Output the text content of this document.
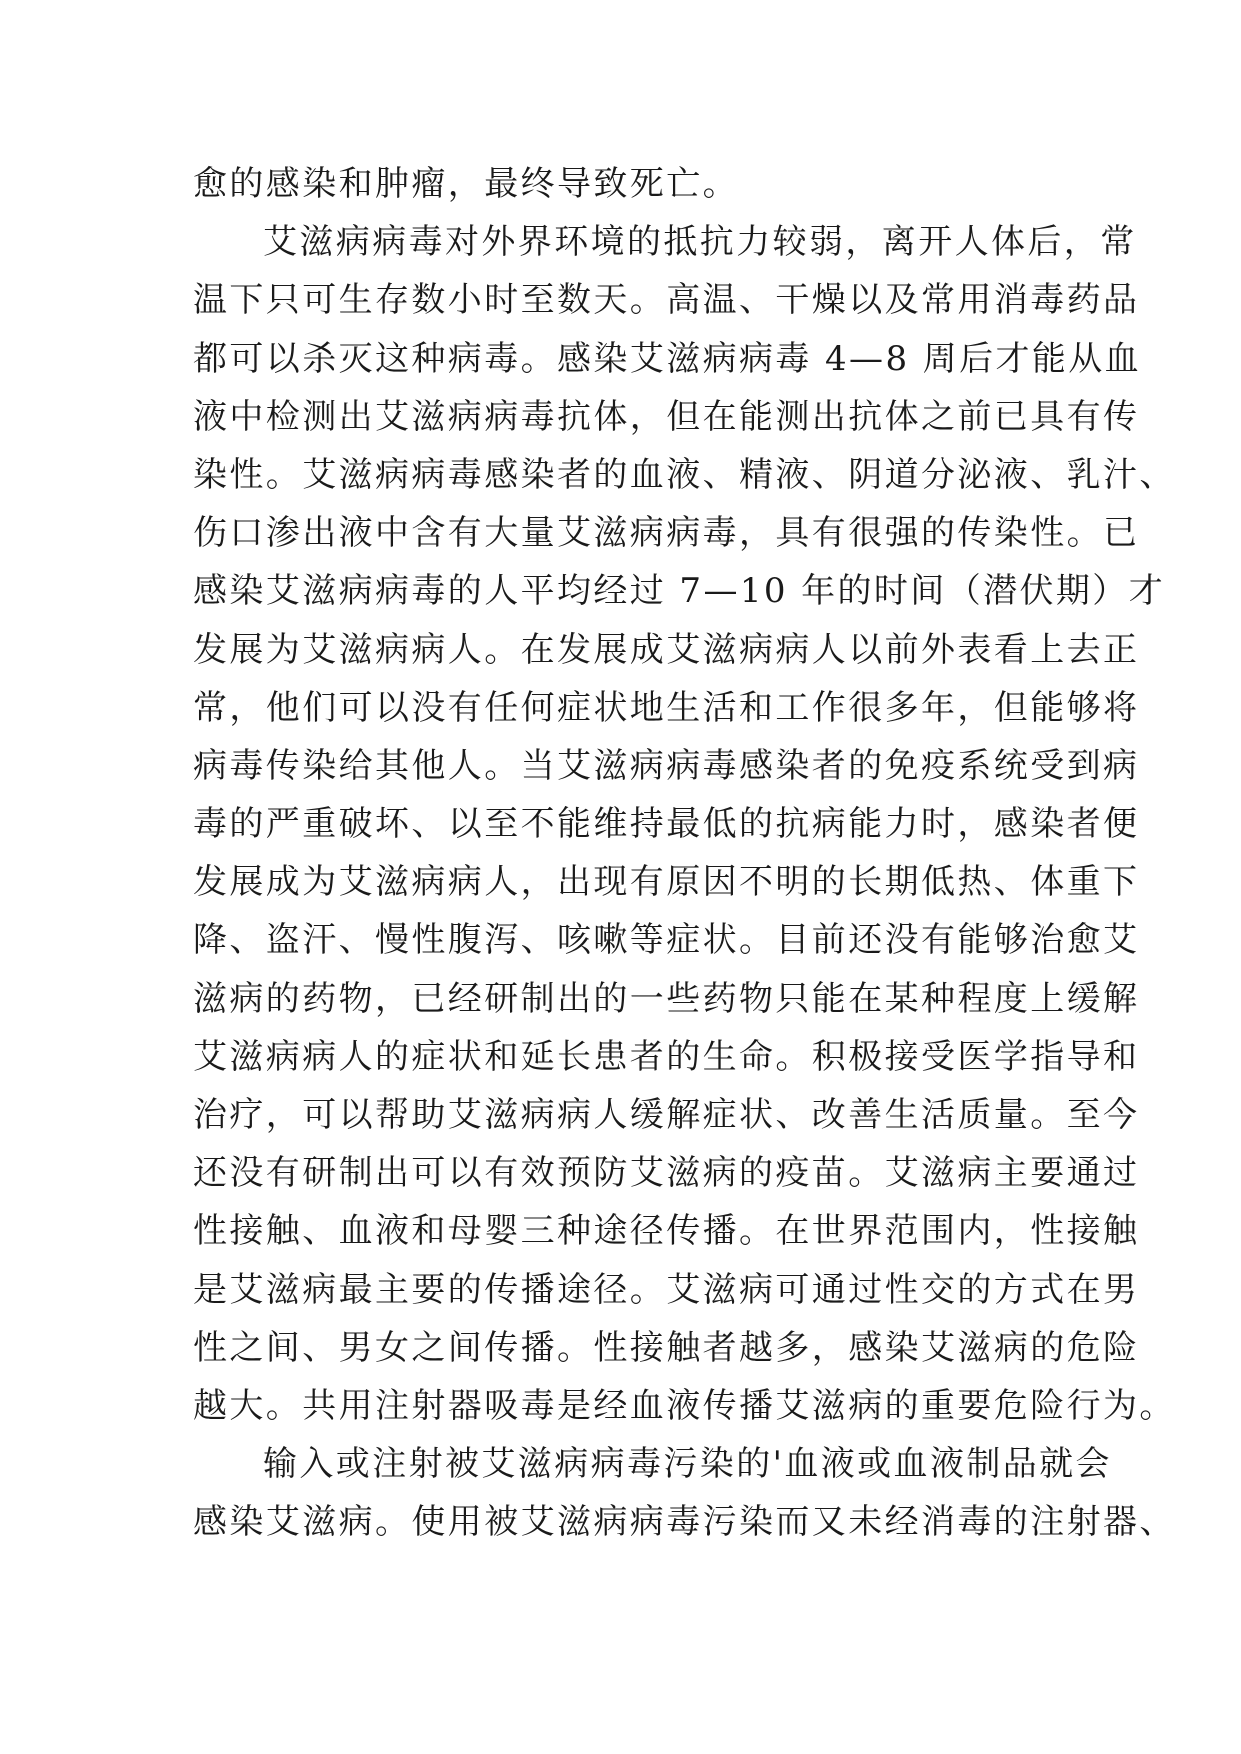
愈的感染和肿瘤，最终导致死亡。
艾滋病病毒对外界环境的抵抗力较弱，离开人体后，常
温下只可生存数小时至数天。高温、干燥以及常用消毒药品
都可以杀灭这种病毒。感染艾滋病病毒 4—8 周后才能从血
液中检测出艾滋病病毒抗体，但在能测出抗体之前已具有传
染性。艾滋病病毒感染者的血液、精液、阴道分泌液、乳汁、
伤口渗出液中含有大量艾滋病病毒，具有很强的传染性。已
感染艾滋病病毒的人平均经过 7—10 年的时间（潜伏期）才
发展为艾滋病病人。在发展成艾滋病病人以前外表看上去正
常，他们可以没有任何症状地生活和工作很多年，但能够将
病毒传染给其他人。当艾滋病病毒感染者的免疫系统受到病
毒的严重破坏、以至不能维持最低的抗病能力时，感染者便
发展成为艾滋病病人，出现有原因不明的长期低热、体重下
降、盗汗、慢性腹泻、咳嗽等症状。目前还没有能够治愈艾
滋病的药物，已经研制出的一些药物只能在某种程度上缓解
艾滋病病人的症状和延长患者的生命。积极接受医学指导和
治疗，可以帮助艾滋病病人缓解症状、改善生活质量。至今
还没有研制出可以有效预防艾滋病的疫苗。艾滋病主要通过
性接触、血液和母婴三种途径传播。在世界范围内，性接触
是艾滋病最主要的传播途径。艾滋病可通过性交的方式在男
性之间、男女之间传播。性接触者越多，感染艾滋病的危险
越大。共用注射器吸毒是经血液传播艾滋病的重要危险行为。
输入或注射被艾滋病病毒污染的'血液或血液制品就会
感染艾滋病。使用被艾滋病病毒污染而又未经消毒的注射器、
